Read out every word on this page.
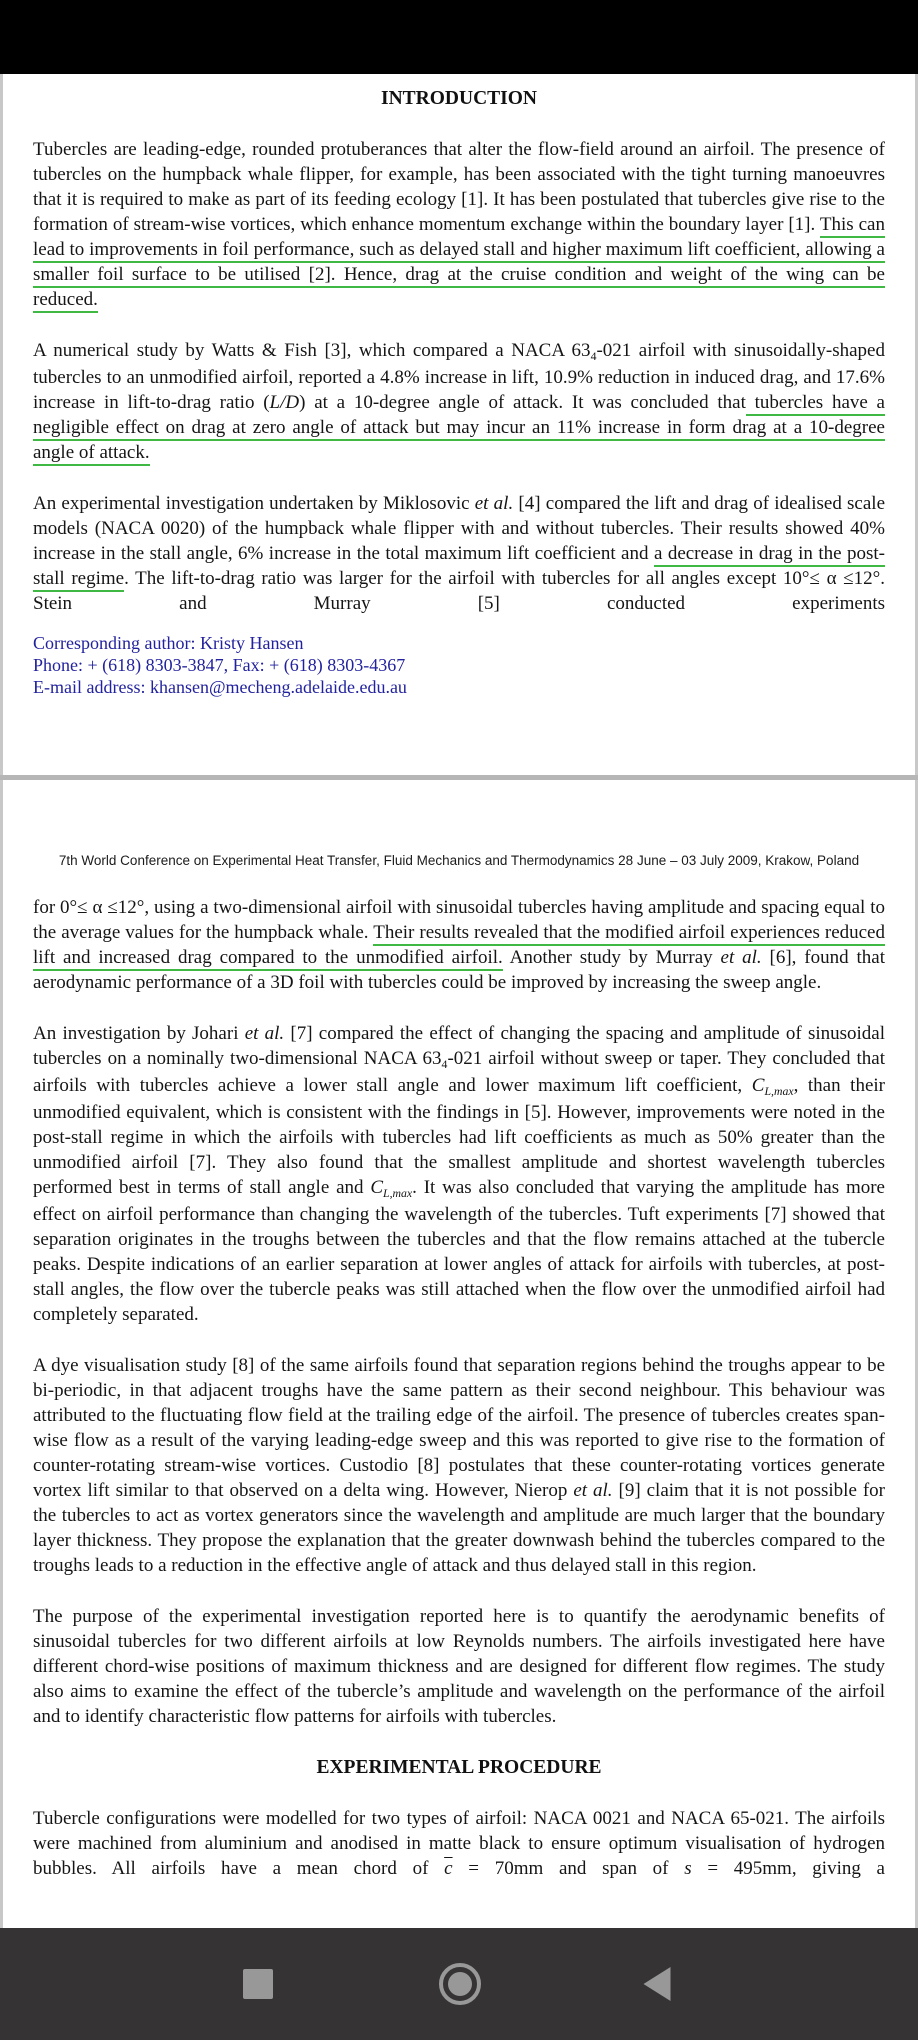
INTRODUCTION

Tubercles are leading-edge, rounded protuberances that alter the flow-field around an airfoil. The presence of tubercles on the humpback whale flipper, for example, has been associated with the tight turning manoeuvres that it is required to make as part of its feeding ecology [1]. It has been postulated that tubercles give rise to the formation of stream-wise vortices, which enhance momentum exchange within the boundary layer [1]. This can lead to improvements in foil performance, such as delayed stall and higher maximum lift coefficient, allowing a smaller foil surface to be utilised [2]. Hence, drag at the cruise condition and weight of the wing can be reduced.

A numerical study by Watts & Fish [3], which compared a NACA 634-021 airfoil with sinusoidally-shaped tubercles to an unmodified airfoil, reported a 4.8% increase in lift, 10.9% reduction in induced drag, and 17.6% increase in lift-to-drag ratio (L/D) at a 10-degree angle of attack. It was concluded that tubercles have a negligible effect on drag at zero angle of attack but may incur an 11% increase in form drag at a 10-degree angle of attack.

An experimental investigation undertaken by Miklosovic et al. [4] compared the lift and drag of idealised scale models (NACA 0020) of the humpback whale flipper with and without tubercles. Their results showed 40% increase in the stall angle, 6% increase in the total maximum lift coefficient and a decrease in drag in the post-stall regime. The lift-to-drag ratio was larger for the airfoil with tubercles for all angles except 10°≤ α ≤12°. Stein and Murray [5] conducted experiments

Corresponding author: Kristy Hansen
Phone: + (618) 8303-3847, Fax: + (618) 8303-4367
E-mail address: khansen@mecheng.adelaide.edu.au
7th World Conference on Experimental Heat Transfer, Fluid Mechanics and Thermodynamics 28 June – 03 July 2009, Krakow, Poland

for 0°≤ α ≤12°, using a two-dimensional airfoil with sinusoidal tubercles having amplitude and spacing equal to the average values for the humpback whale. Their results revealed that the modified airfoil experiences reduced lift and increased drag compared to the unmodified airfoil. Another study by Murray et al. [6], found that aerodynamic performance of a 3D foil with tubercles could be improved by increasing the sweep angle.

An investigation by Johari et al. [7] compared the effect of changing the spacing and amplitude of sinusoidal tubercles on a nominally two-dimensional NACA 634-021 airfoil without sweep or taper. They concluded that airfoils with tubercles achieve a lower stall angle and lower maximum lift coefficient, CL,max, than their unmodified equivalent, which is consistent with the findings in [5]. However, improvements were noted in the post-stall regime in which the airfoils with tubercles had lift coefficients as much as 50% greater than the unmodified airfoil [7]. They also found that the smallest amplitude and shortest wavelength tubercles performed best in terms of stall angle and CL,max. It was also concluded that varying the amplitude has more effect on airfoil performance than changing the wavelength of the tubercles. Tuft experiments [7] showed that separation originates in the troughs between the tubercles and that the flow remains attached at the tubercle peaks. Despite indications of an earlier separation at lower angles of attack for airfoils with tubercles, at post-stall angles, the flow over the tubercle peaks was still attached when the flow over the unmodified airfoil had completely separated.

A dye visualisation study [8] of the same airfoils found that separation regions behind the troughs appear to be bi-periodic, in that adjacent troughs have the same pattern as their second neighbour. This behaviour was attributed to the fluctuating flow field at the trailing edge of the airfoil. The presence of tubercles creates span-wise flow as a result of the varying leading-edge sweep and this was reported to give rise to the formation of counter-rotating stream-wise vortices. Custodio [8] postulates that these counter-rotating vortices generate vortex lift similar to that observed on a delta wing. However, Nierop et al. [9] claim that it is not possible for the tubercles to act as vortex generators since the wavelength and amplitude are much larger that the boundary layer thickness. They propose the explanation that the greater downwash behind the tubercles compared to the troughs leads to a reduction in the effective angle of attack and thus delayed stall in this region.

The purpose of the experimental investigation reported here is to quantify the aerodynamic benefits of sinusoidal tubercles for two different airfoils at low Reynolds numbers. The airfoils investigated here have different chord-wise positions of maximum thickness and are designed for different flow regimes. The study also aims to examine the effect of the tubercle’s amplitude and wavelength on the performance of the airfoil and to identify characteristic flow patterns for airfoils with tubercles.

EXPERIMENTAL PROCEDURE

Tubercle configurations were modelled for two types of airfoil: NACA 0021 and NACA 65-021. The airfoils were machined from aluminium and anodised in matte black to ensure optimum visualisation of hydrogen bubbles. All airfoils have a mean chord of $\overline{c} = 70mm$ and span of s = 495mm, giving a
